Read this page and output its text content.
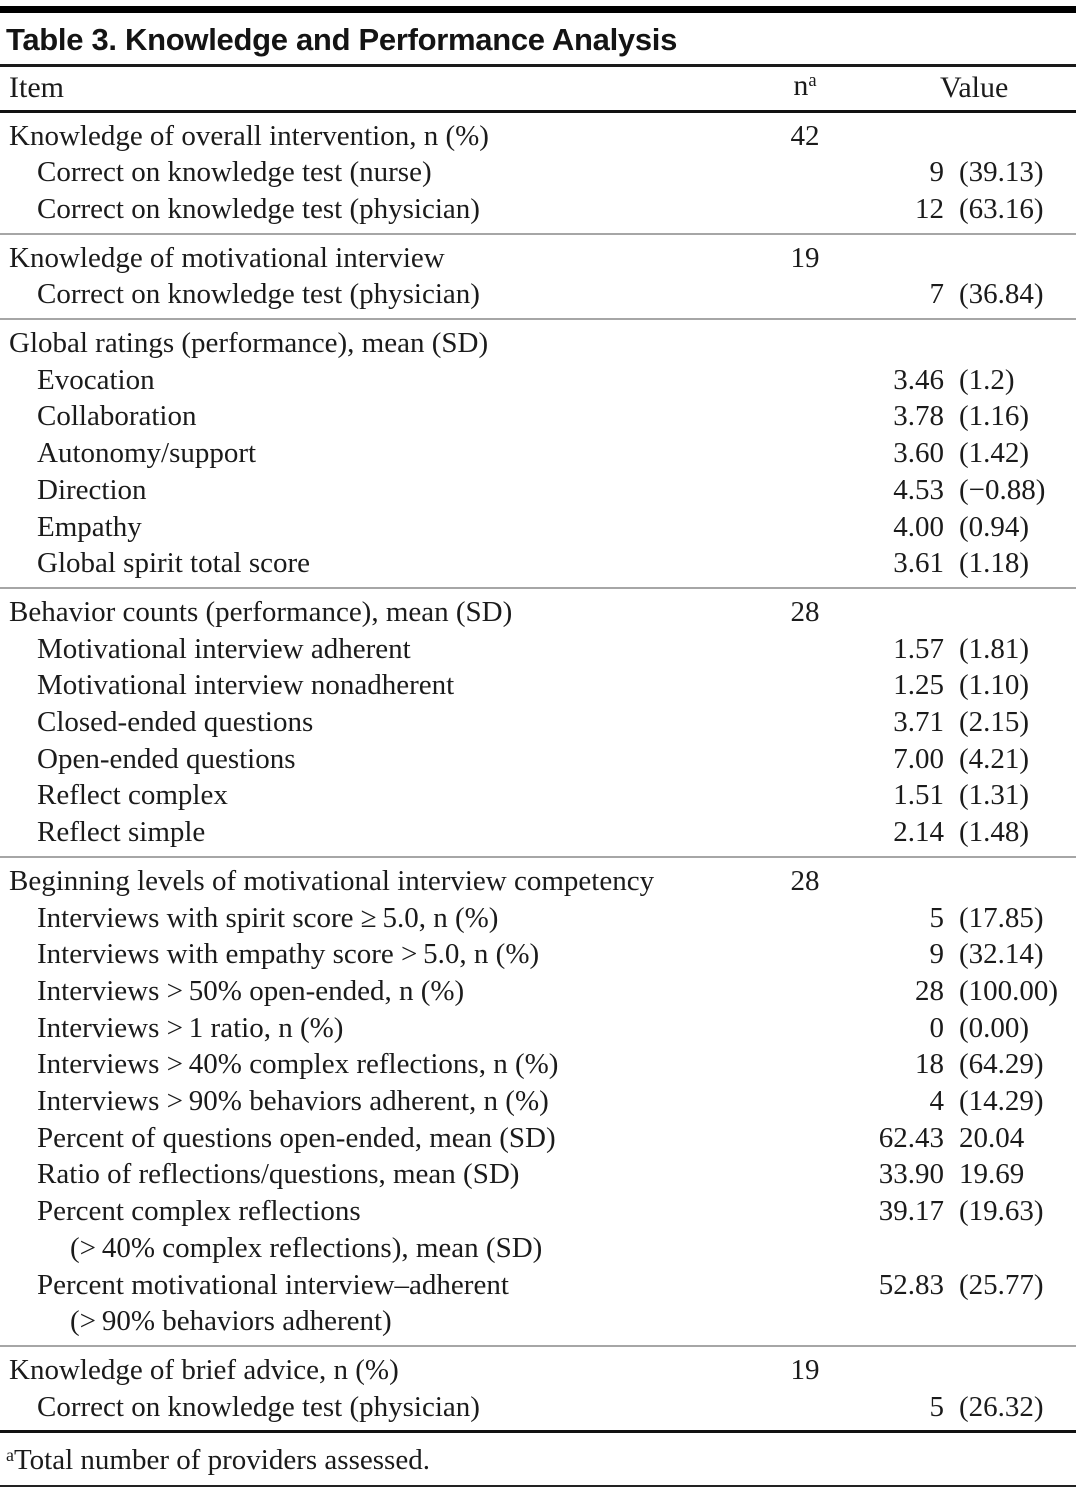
Table 3. Knowledge and Performance Analysis
Item	$n^a$	Value
Knowledge of overall intervention, n (%)	42
Correct on knowledge test (nurse)	9 (39.13)
Correct on knowledge test (physician)	12 (63.16)
Knowledge of motivational interview	19
Correct on knowledge test (physician)	7 (36.84)
Global ratings (performance), mean (SD)
Evocation	3.46 (1.2)
Collaboration	3.78 (1.16)
Autonomy/support	3.60 (1.42)
Direction	4.53 (−0.88)
Empathy	4.00 (0.94)
Global spirit total score	3.61 (1.18)
Behavior counts (performance), mean (SD)	28
Motivational interview adherent	1.57 (1.81)
Motivational interview nonadherent	1.25 (1.10)
Closed-ended questions	3.71 (2.15)
Open-ended questions	7.00 (4.21)
Reflect complex	1.51 (1.31)
Reflect simple	2.14 (1.48)
Beginning levels of motivational interview competency	28
Interviews with spirit score ≥ 5.0, n (%)	5 (17.85)
Interviews with empathy score > 5.0, n (%)	9 (32.14)
Interviews > 50% open-ended, n (%)	28 (100.00)
Interviews > 1 ratio, n (%)	0 (0.00)
Interviews > 40% complex reflections, n (%)	18 (64.29)
Interviews > 90% behaviors adherent, n (%)	4 (14.29)
Percent of questions open-ended, mean (SD)	62.43 20.04
Ratio of reflections/questions, mean (SD)	33.90 19.69
Percent complex reflections	39.17 (19.63)
(> 40% complex reflections), mean (SD)
Percent motivational interview–adherent	52.83 (25.77)
(> 90% behaviors adherent)
Knowledge of brief advice, n (%)	19
Correct on knowledge test (physician)	5 (26.32)
$^a$Total number of providers assessed.
